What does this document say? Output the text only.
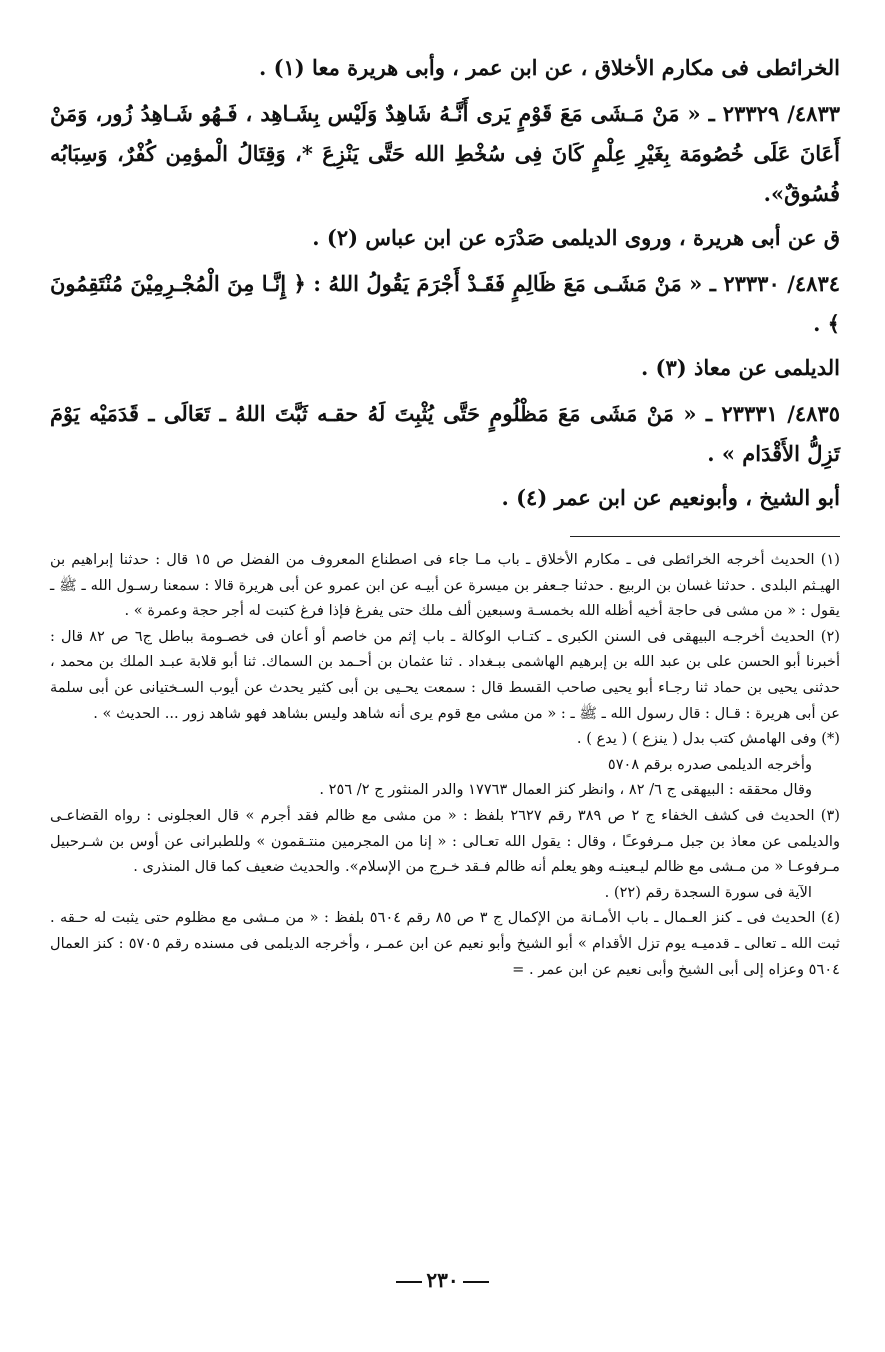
الخرائطى فى مكارم الأخلاق ، عن ابن عمر ، وأبى هريرة معا (١) .

٤٨٣٣/ ٢٣٣٢٩ ـ « مَنْ مَـشَى مَعَ قَوْمٍ يَرى أَنَّـهُ شَاهِدٌ وَلَيْس بِشَـاهِد ، فَـهُو شَـاهِدُ زُور، وَمَنْ أَعَانَ عَلَى خُصُومَة بِغَيْرِ عِلْمٍ كَانَ فِى سُخْطِ الله حَتَّى يَنْزِعَ *، وَقِتَالُ الْمؤمِن كُفْرٌ، وَسِبَابُه فُسُوقٌ».

ق عن أبى هريرة ، وروى الديلمى صَدْرَه عن ابن عباس (٢) .

٤٨٣٤/ ٢٣٣٣٠ ـ « مَنْ مَشَـى مَعَ ظَالِمٍ فَقَـدْ أَجْرَمَ يَقُولُ اللهُ : ﴿ إِنَّـا مِنَ الْمُجْـرِمِيْنَ مُنْتَقِمُونَ ﴾ .

الديلمى عن معاذ (٣) .

٤٨٣٥/ ٢٣٣٣١ ـ « مَنْ مَشَى مَعَ مَظْلُومٍ حَتَّى يُثْبِتَ لَهُ حقـه ثَبَّتَ اللهُ ـ تَعَالَى ـ قَدَمَيْه يَوْمَ تَزِلُّ الأَقْدَام » .

أبو الشيخ ، وأبونعيم عن ابن عمر (٤) .

(١) الحديث أخرجه الخرائطى فى ـ مكارم الأخلاق ـ باب مـا جاء فى اصطناع المعروف من الفضل ص ١٥ قال : حدثنا إبراهيم بن الهيـثم البلدى . حدثنا غسان بن الربيع . حدثنا جـعفر بن ميسرة عن أبيـه عن ابن عمرو عن أبى هريرة قالا : سمعنا رسـول الله ـ ﷺ ـ يقول : « من مشى فى حاجة أخيه أظله الله بخمسـة وسبعين ألف ملك حتى يفرغ فإذا فرغ كتبت له أجر حجة وعمرة » .

(٢) الحديث أخرجـه البيهقى فى السنن الكبرى ـ كتـاب الوكالة ـ باب إثم من خاصم أو أعان فى خصـومة بباطل ج٦ ص ٨٢ قال : أخبرنا أبو الحسن على بن عبد الله بن إبرهيم الهاشمى ببـغداد . ثنا عثمان بن أحـمد بن السماك. ثنا أبو قلابة عبـد الملك بن محمد ، حدثنى يحيى بن حماد ثنا رجـاء أبو يحيى صاحب القسط قال : سمعت يحـيى بن أبى كثير يحدث عن أيوب السـختيانى عن أبى سلمة عن أبى هريرة : قـال : قال رسول الله ـ ﷺ ـ : « من مشى مع قوم يرى أنه شاهد وليس بشاهد فهو شاهد زور ... الحديث » .

(*) وفى الهامش كتب بدل ( ينزع ) ( يدع ) .

وأخرجه الديلمى صدره برقم ٥٧٠٨

وقال محققه : البيهقى ج ٦/ ٨٢ ، وانظر كنز العمال ١٧٧٦٣ والدر المنثور ج ٢/ ٢٥٦ .

(٣) الحديث فى كشف الخفاء ج ٢ ص ٣٨٩ رقم ٢٦٢٧ بلفظ : « من مشى مع ظالم فقد أجرم » قال العجلونى : رواه القضاعـى والديلمى عن معاذ بن جبل مـرفوعـًا ، وقال : يقول الله تعـالى : « إنا من المجرمين منتـقمون » وللطبرانى عن أوس بن شـرحبيل مـرفوعـا « من مـشى مع ظالم ليـعينـه وهو يعلم أنه ظالم فـقد خـرج من الإسلام». والحديث ضعيف كما قال المنذرى .

الآية فى سورة السجدة رقم (٢٢) .

(٤) الحديث فى ـ كنز العـمال ـ باب الأمـانة من الإكمال ج ٣ ص ٨٥ رقم ٥٦٠٤ بلفظ : « من مـشى مع مظلوم حتى يثبت له حـقه . ثبت الله ـ تعالى ـ قدميـه يوم تزل الأقدام » أبو الشيخ وأبو نعيم عن ابن عمـر ، وأخرجه الديلمى فى مسنده رقم ٥٧٠٥ : كنز العمال ٥٦٠٤ وعزاه إلى أبى الشيخ وأبى نعيم عن ابن عمر . =

٢٣٠
